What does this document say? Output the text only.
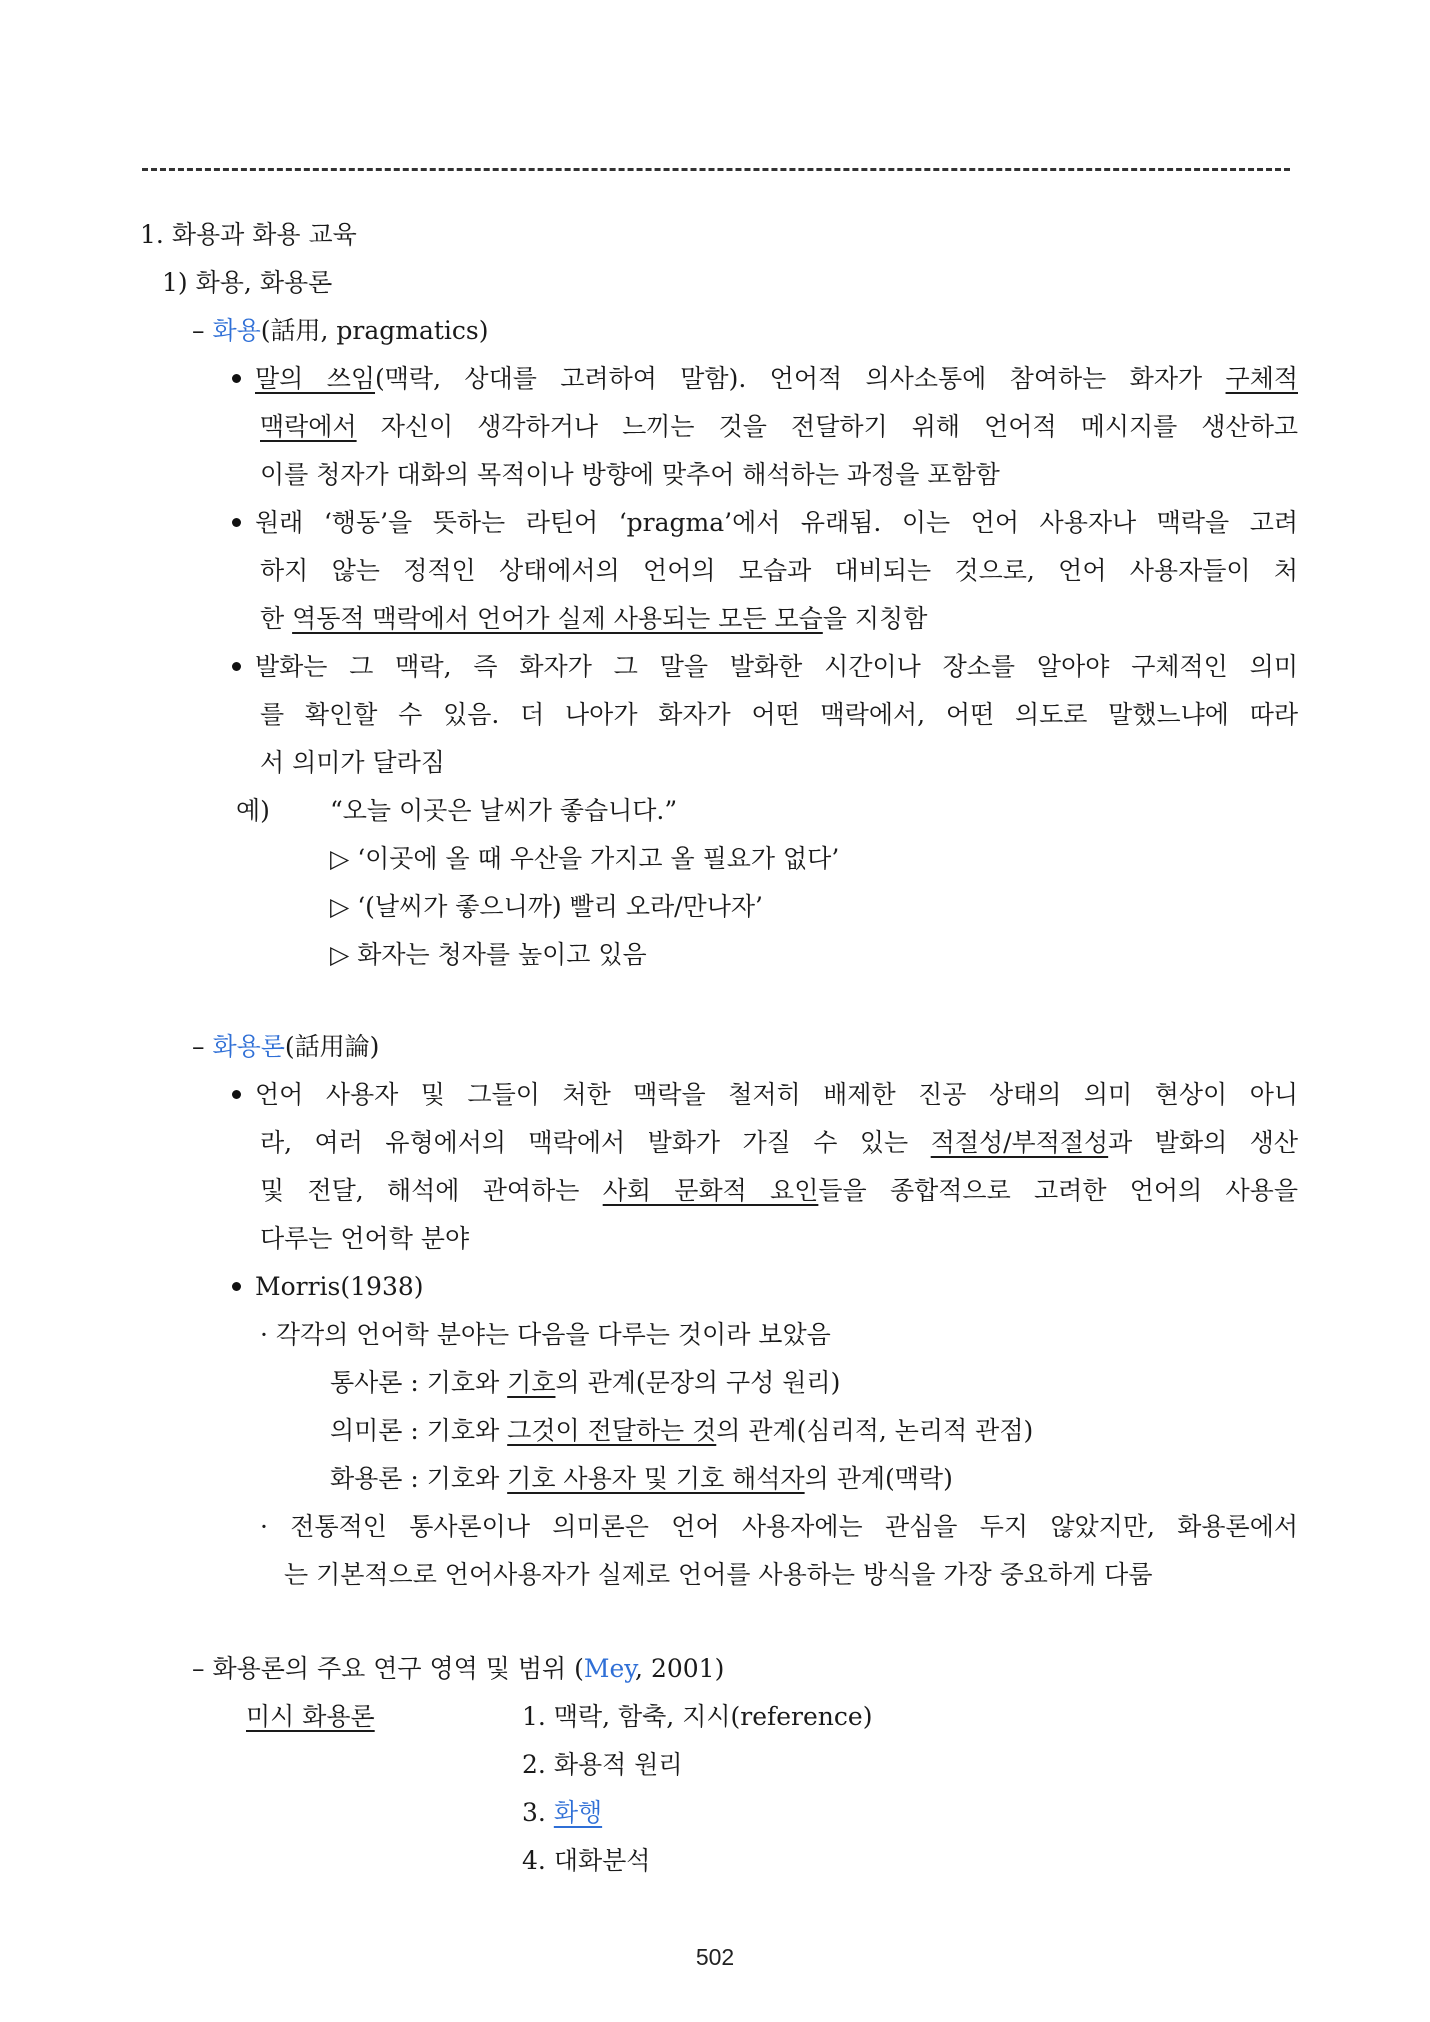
1. 화용과 화용 교육
1) 화용, 화용론
– 화용(話用, pragmatics)
말의 쓰임(맥락, 상대를 고려하여 말함). 언어적 의사소통에 참여하는 화자가 구체적
맥락에서 자신이 생각하거나 느끼는 것을 전달하기 위해 언어적 메시지를 생산하고
이를 청자가 대화의 목적이나 방향에 맞추어 해석하는 과정을 포함함
원래 ‘행동’을 뜻하는 라틴어 ‘pragma’에서 유래됨. 이는 언어 사용자나 맥락을 고려
하지 않는 정적인 상태에서의 언어의 모습과 대비되는 것으로, 언어 사용자들이 처
한 역동적 맥락에서 언어가 실제 사용되는 모든 모습을 지칭함
발화는 그 맥락, 즉 화자가 그 말을 발화한 시간이나 장소를 알아야 구체적인 의미
를 확인할 수 있음. 더 나아가 화자가 어떤 맥락에서, 어떤 의도로 말했느냐에 따라
서 의미가 달라짐
예) “오늘 이곳은 날씨가 좋습니다.”
▷ ‘이곳에 올 때 우산을 가지고 올 필요가 없다’
▷ ‘(날씨가 좋으니까) 빨리 오라/만나자’
▷ 화자는 청자를 높이고 있음
– 화용론(話用論)
언어 사용자 및 그들이 처한 맥락을 철저히 배제한 진공 상태의 의미 현상이 아니
라, 여러 유형에서의 맥락에서 발화가 가질 수 있는 적절성/부적절성과 발화의 생산
및 전달, 해석에 관여하는 사회 문화적 요인들을 종합적으로 고려한 언어의 사용을
다루는 언어학 분야
Morris(1938)
· 각각의 언어학 분야는 다음을 다루는 것이라 보았음
통사론 : 기호와 기호의 관계(문장의 구성 원리)
의미론 : 기호와 그것이 전달하는 것의 관계(심리적, 논리적 관점)
화용론 : 기호와 기호 사용자 및 기호 해석자의 관계(맥락)
· 전통적인 통사론이나 의미론은 언어 사용자에는 관심을 두지 않았지만, 화용론에서
는 기본적으로 언어사용자가 실제로 언어를 사용하는 방식을 가장 중요하게 다룸
– 화용론의 주요 연구 영역 및 범위 (Mey, 2001)
미시 화용론	1. 맥락, 함축, 지시(reference)
2. 화용적 원리
3. 화행
4. 대화분석
502
